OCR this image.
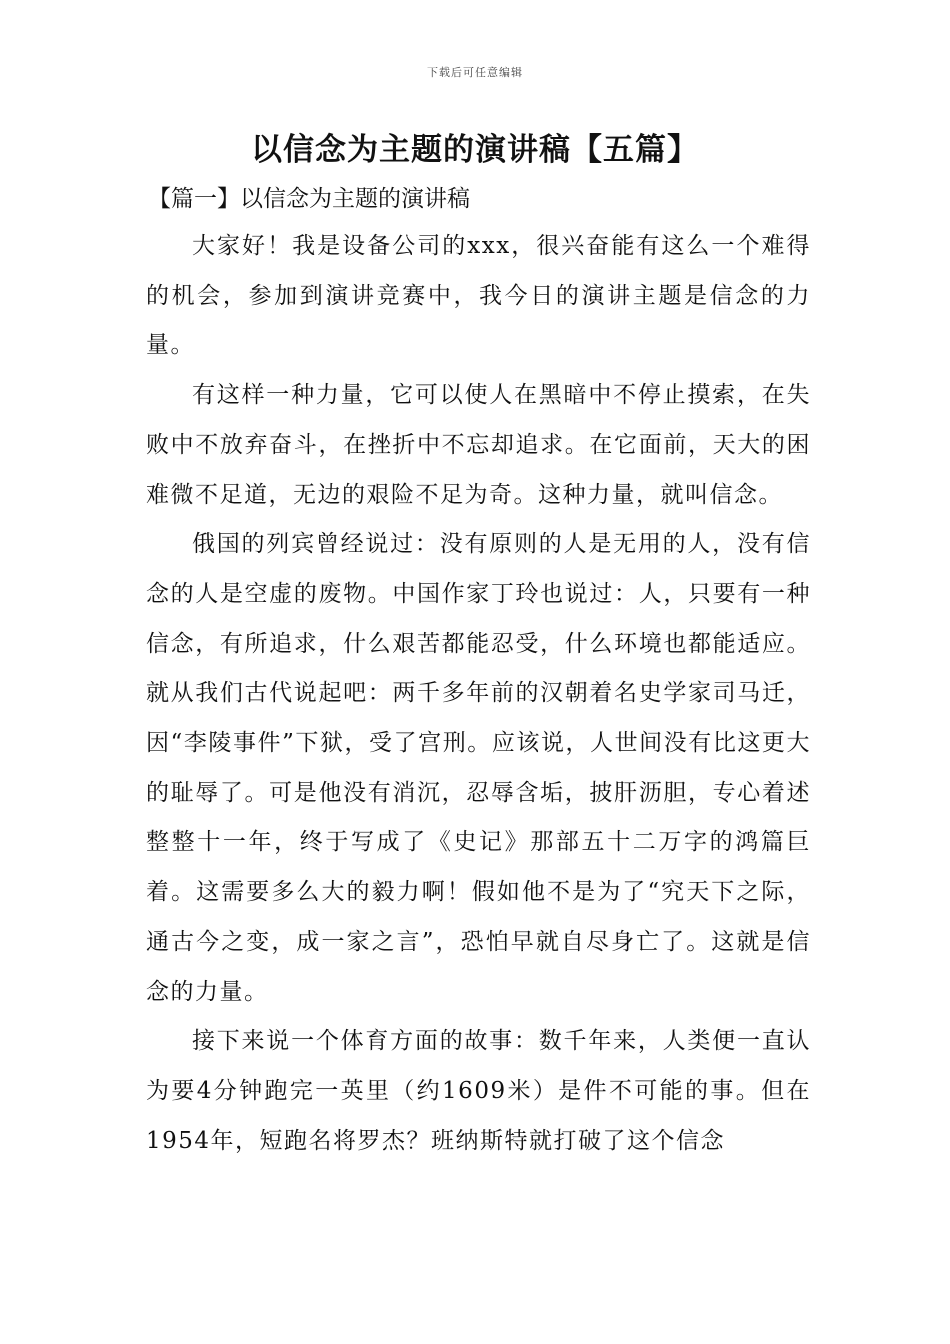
下载后可任意编辑
以信念为主题的演讲稿【五篇】
【篇一】以信念为主题的演讲稿

大家好！我是设备公司的xxx，很兴奋能有这么一个难得的机会，参加到演讲竞赛中，我今日的演讲主题是信念的力量。

有这样一种力量，它可以使人在黑暗中不停止摸索，在失败中不放弃奋斗，在挫折中不忘却追求。在它面前，天大的困难微不足道，无边的艰险不足为奇。这种力量，就叫信念。

俄国的列宾曾经说过：没有原则的人是无用的人，没有信念的人是空虚的废物。中国作家丁玲也说过：人，只要有一种信念，有所追求，什么艰苦都能忍受，什么环境也都能适应。就从我们古代说起吧：两千多年前的汉朝着名史学家司马迁，因“李陵事件”下狱，受了宫刑。应该说，人世间没有比这更大的耻辱了。可是他没有消沉，忍辱含垢，披肝沥胆，专心着述整整十一年，终于写成了《史记》那部五十二万字的鸿篇巨着。这需要多么大的毅力啊！假如他不是为了“究天下之际，通古今之变，成一家之言”，恐怕早就自尽身亡了。这就是信念的力量。

接下来说一个体育方面的故事：数千年来，人类便一直认为要4分钟跑完一英里（约1609米）是件不可能的事。但在1954年，短跑名将罗杰？班纳斯特就打破了这个信念
